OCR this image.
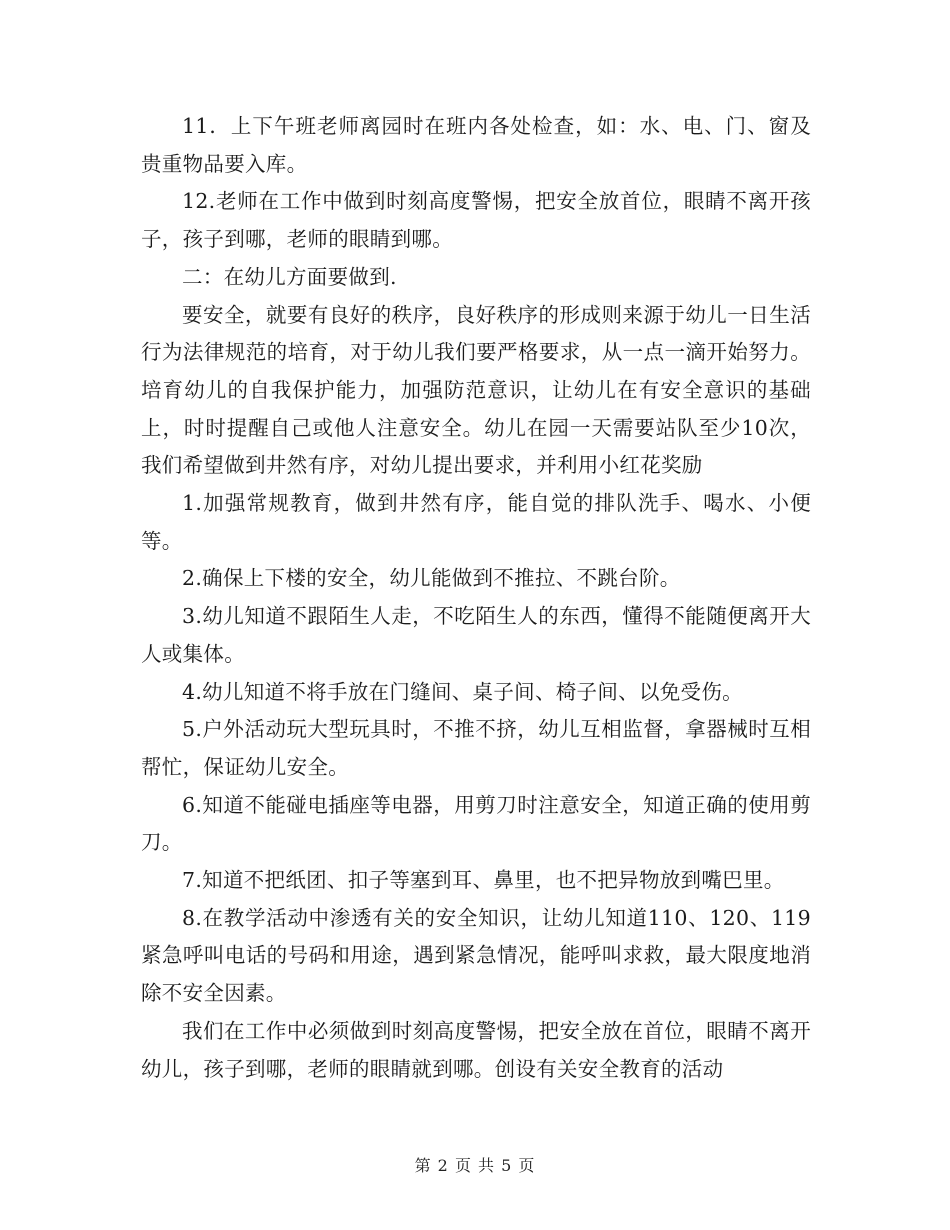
11．上下午班老师离园时在班内各处检查，如：水、电、门、窗及贵重物品要入库。

12.老师在工作中做到时刻高度警惕，把安全放首位，眼睛不离开孩子，孩子到哪，老师的眼睛到哪。

二：在幼儿方面要做到.

要安全，就要有良好的秩序，良好秩序的形成则来源于幼儿一日生活行为法律规范的培育，对于幼儿我们要严格要求，从一点一滴开始努力。培育幼儿的自我保护能力，加强防范意识，让幼儿在有安全意识的基础上，时时提醒自己或他人注意安全。幼儿在园一天需要站队至少10次，我们希望做到井然有序，对幼儿提出要求，并利用小红花奖励

1.加强常规教育，做到井然有序，能自觉的排队洗手、喝水、小便等。

2.确保上下楼的安全，幼儿能做到不推拉、不跳台阶。

3.幼儿知道不跟陌生人走，不吃陌生人的东西，懂得不能随便离开大人或集体。

4.幼儿知道不将手放在门缝间、桌子间、椅子间、以免受伤。

5.户外活动玩大型玩具时，不推不挤，幼儿互相监督，拿器械时互相帮忙，保证幼儿安全。

6.知道不能碰电插座等电器，用剪刀时注意安全，知道正确的使用剪刀。

7.知道不把纸团、扣子等塞到耳、鼻里，也不把异物放到嘴巴里。

8.在教学活动中渗透有关的安全知识，让幼儿知道110、120、119紧急呼叫电话的号码和用途，遇到紧急情况，能呼叫求救，最大限度地消除不安全因素。

我们在工作中必须做到时刻高度警惕，把安全放在首位，眼睛不离开幼儿，孩子到哪，老师的眼睛就到哪。创设有关安全教育的活动

第 2 页 共 5 页
